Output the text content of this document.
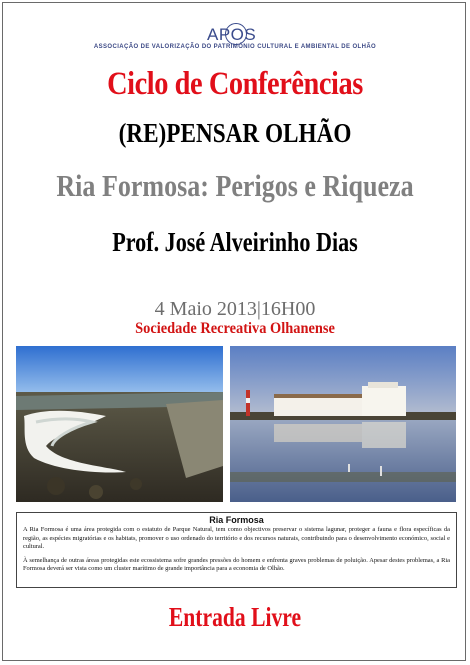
APOS
ASSOCIAÇÃO DE VALORIZAÇÃO DO PATRIMÓNIO CULTURAL E AMBIENTAL DE OLHÃO
Ciclo de Conferências
(RE)PENSAR OLHÃO
Ria Formosa: Perigos e Riqueza
Prof. José Alveirinho Dias
4 Maio 2013|16H00
Sociedade Recreativa Olhanense
Ria Formosa

A Ria Formosa é uma área protegida com o estatuto de Parque Natural, tem como objectivos preservar o sistema lagunar, proteger a fauna e flora específicas da região, as espécies migratórias e os habitats, promover o uso ordenado do território e dos recursos naturais, contribuindo para o desenvolvimento económico, social e cultural.

À semelhança de outras áreas protegidas este ecossistema sofre grandes pressões do homem e enfrenta graves problemas de poluição. Apesar destes problemas, a Ria Formosa deverá ser vista como um cluster marítimo de grande importância para a economia de Olhão.

Entrada Livre
